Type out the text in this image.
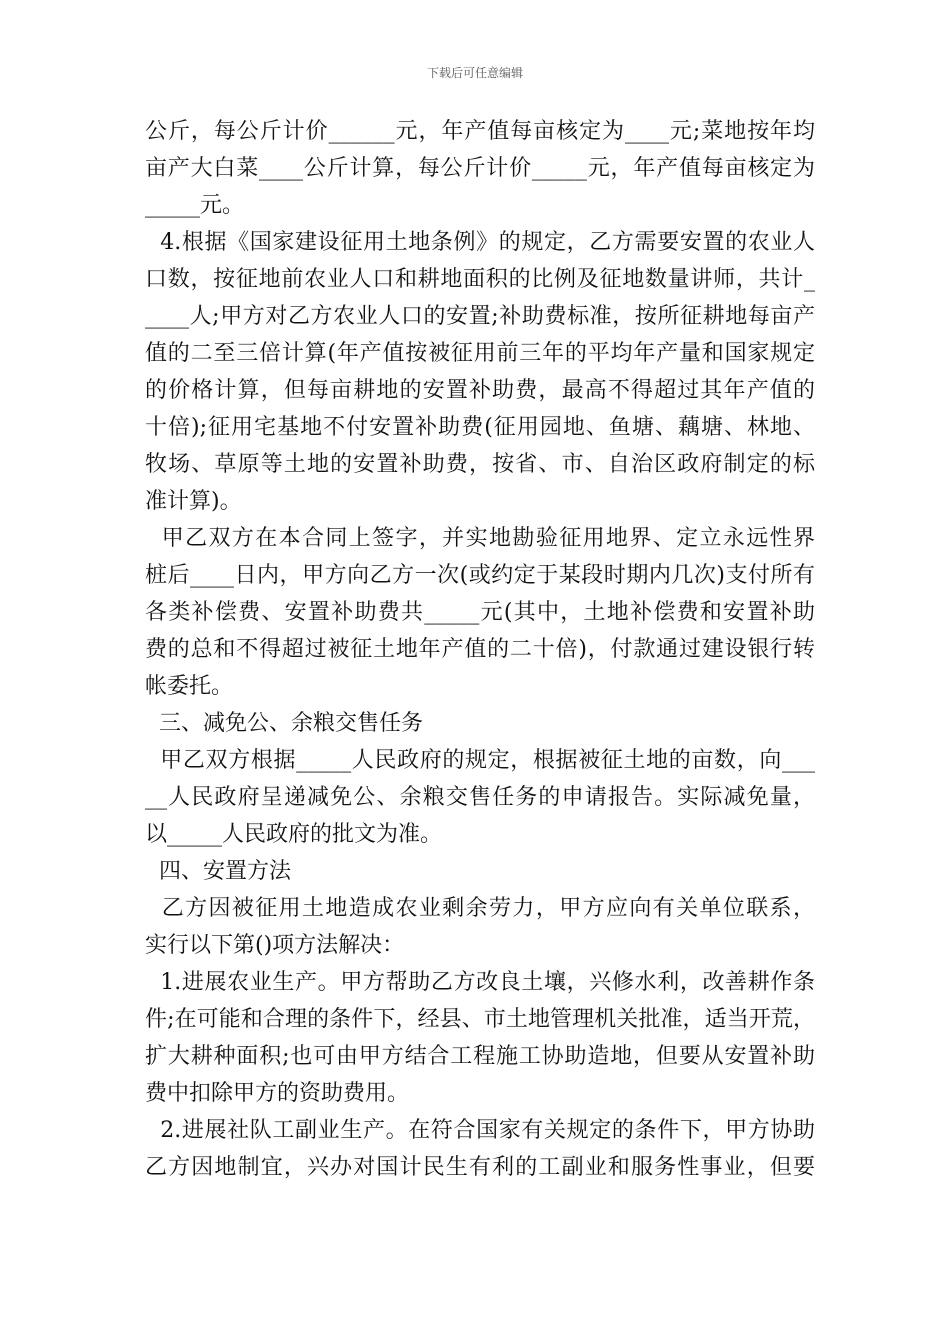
下载后可任意编辑
公斤，每公斤计价______元，年产值每亩核定为____元;菜地按年均
亩产大白菜____公斤计算，每公斤计价_____元，年产值每亩核定为
_____元。
4.根据《国家建设征用土地条例》的规定，乙方需要安置的农业人
口数，按征地前农业人口和耕地面积的比例及征地数量讲师，共计_
____人;甲方对乙方农业人口的安置;补助费标准，按所征耕地每亩产
值的二至三倍计算(年产值按被征用前三年的平均年产量和国家规定
的价格计算，但每亩耕地的安置补助费，最高不得超过其年产值的
十倍);征用宅基地不付安置补助费(征用园地、鱼塘、藕塘、林地、
牧场、草原等土地的安置补助费，按省、市、自治区政府制定的标
准计算)。
甲乙双方在本合同上签字，并实地勘验征用地界、定立永远性界
桩后____日内，甲方向乙方一次(或约定于某段时期内几次)支付所有
各类补偿费、安置补助费共_____元(其中，土地补偿费和安置补助
费的总和不得超过被征土地年产值的二十倍)，付款通过建设银行转
帐委托。
三、减免公、余粮交售任务
甲乙双方根据_____人民政府的规定，根据被征土地的亩数，向___
__人民政府呈递减免公、余粮交售任务的申请报告。实际减免量，
以_____人民政府的批文为准。
四、安置方法
乙方因被征用土地造成农业剩余劳力，甲方应向有关单位联系，
实行以下第()项方法解决：
1.进展农业生产。甲方帮助乙方改良土壤，兴修水利，改善耕作条
件;在可能和合理的条件下，经县、市土地管理机关批准，适当开荒，
扩大耕种面积;也可由甲方结合工程施工协助造地，但要从安置补助
费中扣除甲方的资助费用。
2.进展社队工副业生产。在符合国家有关规定的条件下，甲方协助
乙方因地制宜，兴办对国计民生有利的工副业和服务性事业，但要
